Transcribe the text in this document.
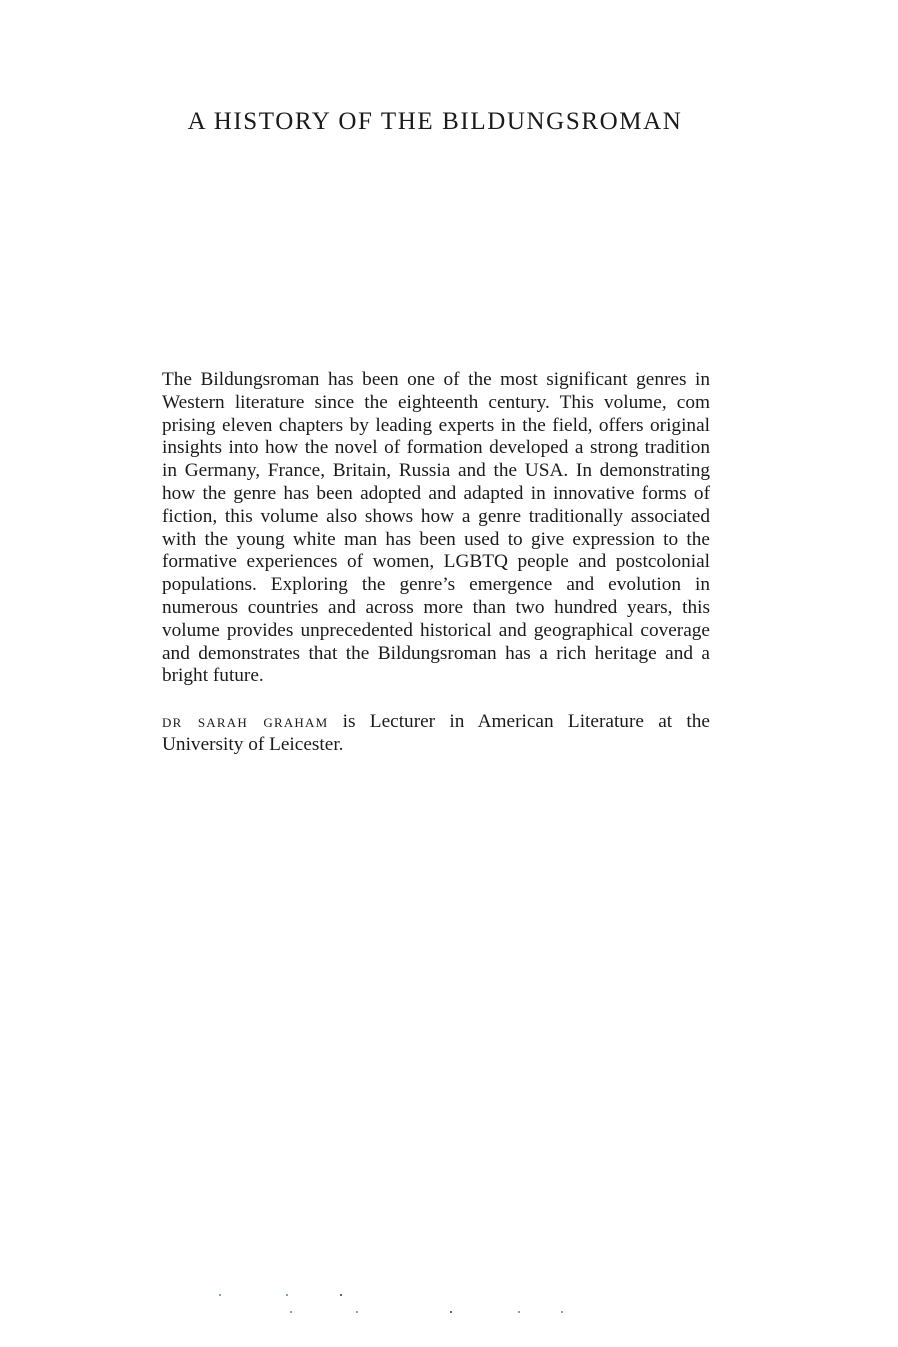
A HISTORY OF THE BILDUNGSROMAN

The Bildungsroman has been one of the most significant genres in
Western literature since the eighteenth century. This volume, com
prising eleven chapters by leading experts in the field, offers original
insights into how the novel of formation developed a strong tradition
in Germany, France, Britain, Russia and the USA. In demonstrating
how the genre has been adopted and adapted in innovative forms of
fiction, this volume also shows how a genre traditionally associated
with the young white man has been used to give expression to the
formative experiences of women, LGBTQ people and postcolonial
populations. Exploring the genre’s emergence and evolution in
numerous countries and across more than two hundred years, this
volume provides unprecedented historical and geographical coverage
and demonstrates that the Bildungsroman has a rich heritage and a
bright future.

dr sarah graham is Lecturer in American Literature at the
University of Leicester.
